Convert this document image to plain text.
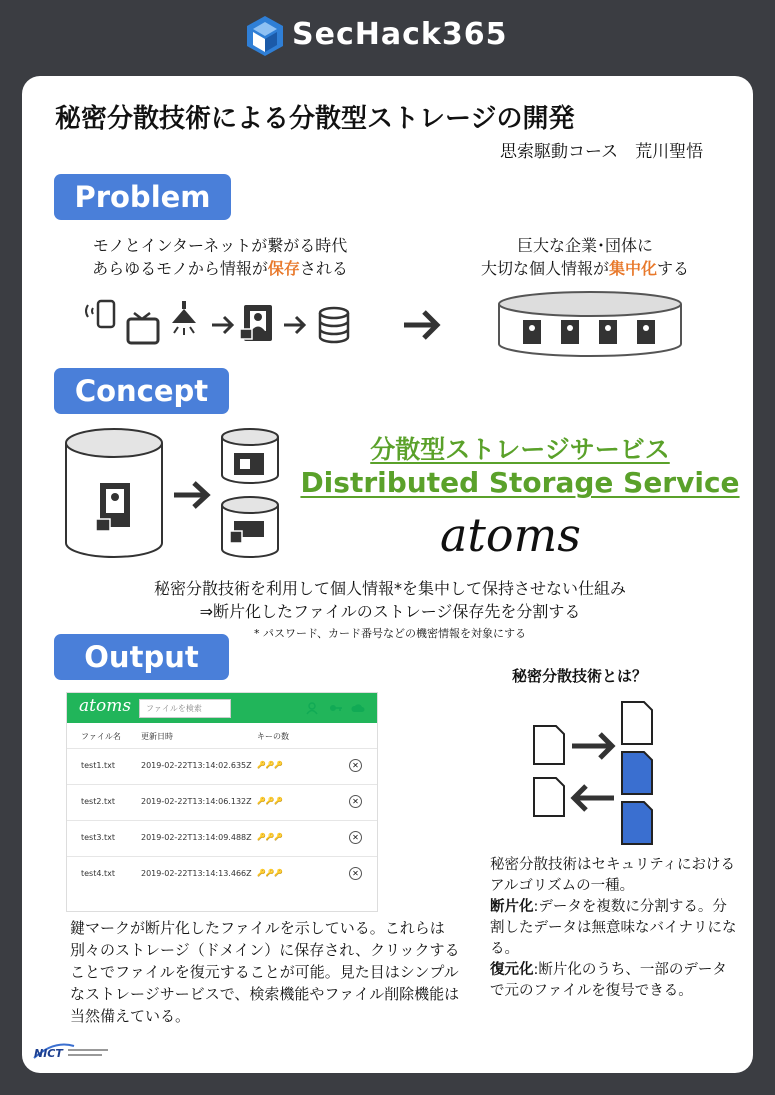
SecHack365
秘密分散技術による分散型ストレージの開発
思索駆動コース　荒川聖悟
Problem
モノとインターネットが繋がる時代
あらゆるモノから情報が保存される
巨大な企業･団体に
大切な個人情報が集中化する
Concept
分散型ストレージサービス
Distributed Storage Service
atoms
秘密分散技術を利用して個人情報*を集中して保持させない仕組み
⇒断片化したファイルのストレージ保存先を分割する
* パスワード、カード番号などの機密情報を対象にする
Output
atoms	ファイルを検索
ファイル名	更新日時	キーの数
test1.txt	2019-02-22T13:14:02.635Z 🔑🔑🔑	✕
test2.txt	2019-02-22T13:14:06.132Z 🔑🔑🔑	✕
test3.txt	2019-02-22T13:14:09.488Z 🔑🔑🔑	✕
test4.txt	2019-02-22T13:14:13.466Z 🔑🔑🔑	✕
鍵マークが断片化したファイルを示している。これらは別々のストレージ（ドメイン）に保存され、クリックすることでファイルを復元することが可能。見た目はシンプルなストレージサービスで、検索機能やファイル削除機能は当然備えている。
秘密分散技術とは？
秘密分散技術はセキュリティにおけるアルゴリズムの一種。
断片化:データを複数に分割する。分割したデータは無意味なバイナリになる。
復元化:断片化のうち、一部のデータで元のファイルを復号できる。
NICT
